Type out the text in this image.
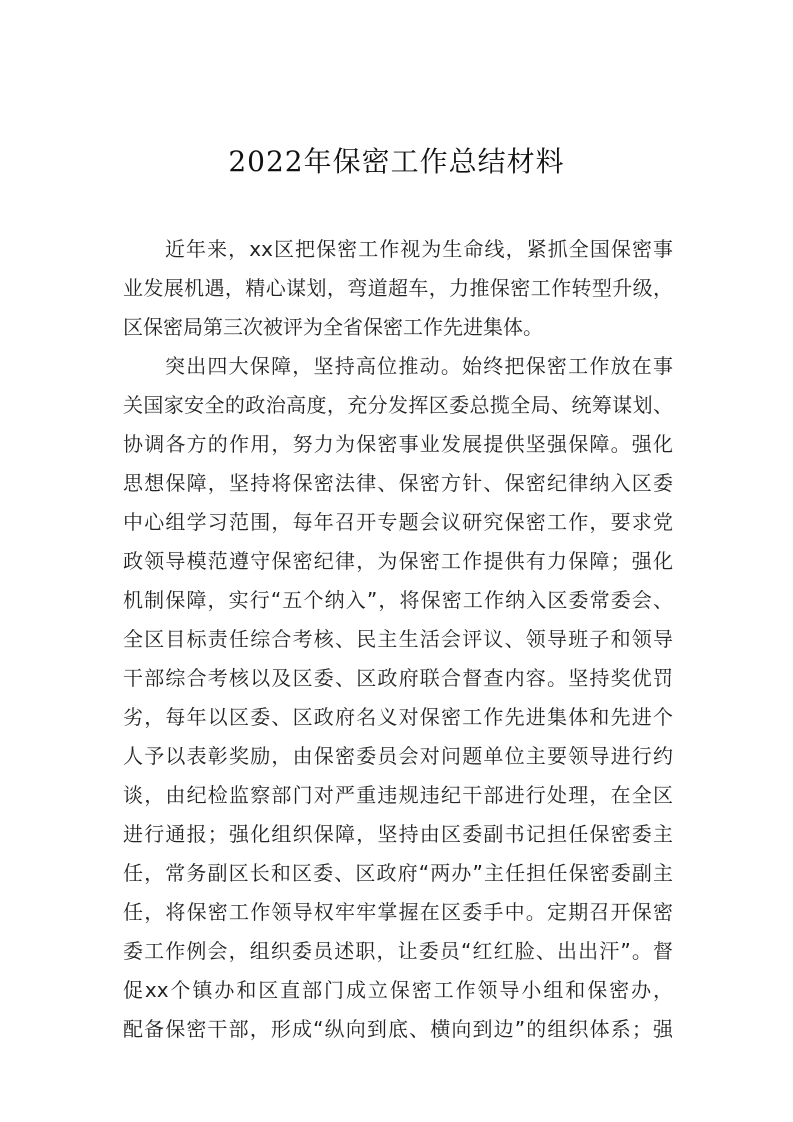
2022年保密工作总结材料
近年来，xx区把保密工作视为生命线，紧抓全国保密事
业发展机遇，精心谋划，弯道超车，力推保密工作转型升级，
区保密局第三次被评为全省保密工作先进集体。
突出四大保障，坚持高位推动。始终把保密工作放在事
关国家安全的政治高度，充分发挥区委总揽全局、统筹谋划、
协调各方的作用，努力为保密事业发展提供坚强保障。强化
思想保障，坚持将保密法律、保密方针、保密纪律纳入区委
中心组学习范围，每年召开专题会议研究保密工作，要求党
政领导模范遵守保密纪律，为保密工作提供有力保障；强化
机制保障，实行“五个纳入”，将保密工作纳入区委常委会、
全区目标责任综合考核、民主生活会评议、领导班子和领导
干部综合考核以及区委、区政府联合督查内容。坚持奖优罚
劣，每年以区委、区政府名义对保密工作先进集体和先进个
人予以表彰奖励，由保密委员会对问题单位主要领导进行约
谈，由纪检监察部门对严重违规违纪干部进行处理，在全区
进行通报；强化组织保障，坚持由区委副书记担任保密委主
任，常务副区长和区委、区政府“两办”主任担任保密委副主
任，将保密工作领导权牢牢掌握在区委手中。定期召开保密
委工作例会，组织委员述职，让委员“红红脸、出出汗”。督
促xx个镇办和区直部门成立保密工作领导小组和保密办，
配备保密干部，形成“纵向到底、横向到边”的组织体系；强
